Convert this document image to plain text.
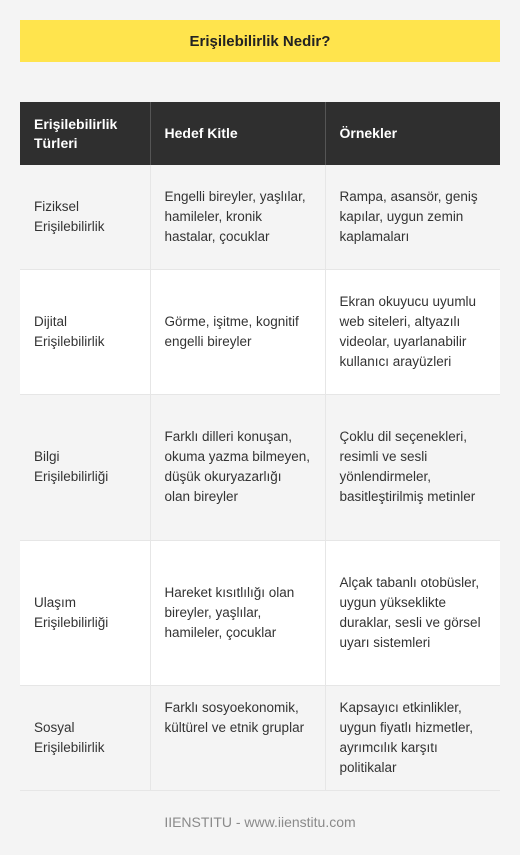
Erişilebilirlik Nedir?
Erişilebilirlik Türleri	Hedef Kitle	Örnekler
Fiziksel Erişilebilirlik	Engelli bireyler, yaşlılar, hamileler, kronik hastalar, çocuklar	Rampa, asansör, geniş kapılar, uygun zemin kaplamaları
Dijital Erişilebilirlik	Görme, işitme, kognitif engelli bireyler	Ekran okuyucu uyumlu web siteleri, altyazılı videolar, uyarlanabilir kullanıcı arayüzleri
Bilgi Erişilebilirliği	Farklı dilleri konuşan, okuma yazma bilmeyen, düşük okuryazarlığı olan bireyler	Çoklu dil seçenekleri, resimli ve sesli yönlendirmeler, basitleştirilmiş metinler
Ulaşım Erişilebilirliği	Hareket kısıtlılığı olan bireyler, yaşlılar, hamileler, çocuklar	Alçak tabanlı otobüsler, uygun yükseklikte duraklar, sesli ve görsel uyarı sistemleri
Sosyal Erişilebilirlik	Farklı sosyoekonomik, kültürel ve etnik gruplar	Kapsayıcı etkinlikler, uygun fiyatlı hizmetler, ayrımcılık karşıtı politikalar
IIENSTITU - www.iienstitu.com
